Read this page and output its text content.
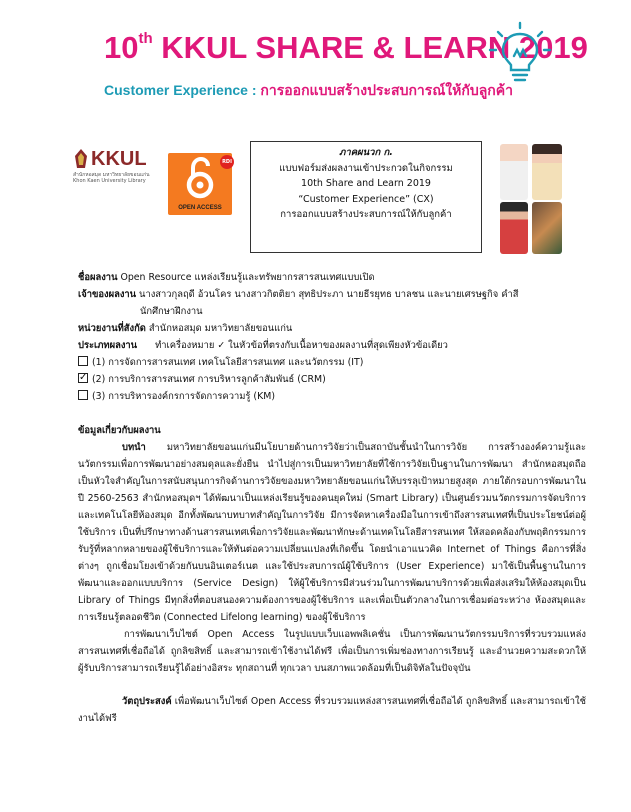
10th KKUL SHARE & LEARN 2019
Customer Experience : การออกแบบสร้างประสบการณ์ให้กับลูกค้า
KKUL
สำนักหอสมุด มหาวิทยาลัยขอนแก่น Khon Kaen University Library
RDI
OPEN ACCESS
ภาคผนวก ก.
แบบฟอร์มส่งผลงานเข้าประกวดในกิจกรรม
10th Share and Learn 2019
“Customer Experience” (CX)
การออกแบบสร้างประสบการณ์ให้กับลูกค้า
ชื่อผลงาน Open Resource แหล่งเรียนรู้และทรัพยากรสารสนเทศแบบเปิด
เจ้าของผลงาน นางสาวกุลฤดี อ้วนโคร นางสาวกิตติยา สุทธิประภา นายธีรยุทธ บาลชน และนายเศรษฐกิจ คำสี
นักศึกษาฝึกงาน
หน่วยงานที่สังกัด สำนักหอสมุด มหาวิทยาลัยขอนแก่น
ประเภทผลงาน ทำเครื่องหมาย ✓ ในหัวข้อที่ตรงกับเนื้อหาของผลงานที่สุดเพียงหัวข้อเดียว
(1) การจัดการสารสนเทศ เทคโนโลยีสารสนเทศ และนวัตกรรม (IT)
✓(2) การบริการสารสนเทศ การบริหารลูกค้าสัมพันธ์ (CRM)
(3) การบริหารองค์กรการจัดการความรู้ (KM)
ข้อมูลเกี่ยวกับผลงาน
บทนำ มหาวิทยาลัยขอนแก่นมีนโยบายด้านการวิจัยว่าเป็นสถาบันชั้นนำในการวิจัย การสร้างองค์ความรู้และนวัตกรรมเพื่อการพัฒนาอย่างสมดุลและยั่งยืน นำไปสู่การเป็นมหาวิทยาลัยที่ใช้การวิจัยเป็นฐานในการพัฒนา สำนักหอสมุดถือเป็นหัวใจสำคัญในการสนับสนุนการกิจด้านการวิจัยของมหาวิทยาลัยขอนแก่นให้บรรลุเป้าหมายสูงสุด ภายใต้กรอบการพัฒนาในปี 2560-2563 สำนักหอสมุดฯ ได้พัฒนาเป็นแหล่งเรียนรู้ของคนยุคใหม่ (Smart Library) เป็นศูนย์รวมนวัตกรรมการจัดบริการและเทคโนโลยีห้องสมุด อีกทั้งพัฒนาบทบาทสำคัญในการวิจัย มีการจัดหาเครื่องมือในการเข้าถึงสารสนเทศที่เป็นประโยชน์ต่อผู้ใช้บริการ เป็นที่ปรึกษาทางด้านสารสนเทศเพื่อการวิจัยและพัฒนาทักษะด้านเทคโนโลยีสารสนเทศ ให้สอดคล้องกับพฤติกรรมการรับรู้ที่หลากหลายของผู้ใช้บริการและให้ทันต่อความเปลี่ยนแปลงที่เกิดขึ้น โดยนำเอาแนวคิด Internet of Things คือการที่สิ่งต่างๆ ถูกเชื่อมโยงเข้าด้วยกันบนอินเตอร์เนต และใช้ประสบการณ์ผู้ใช้บริการ (User Experience) มาใช้เป็นพื้นฐานในการพัฒนาและออกแบบบริการ (Service Design) ให้ผู้ใช้บริการมีส่วนร่วมในการพัฒนาบริการด้วยเพื่อส่งเสริมให้ห้องสมุดเป็น Library of Things มีทุกสิ่งที่ตอบสนองความต้องการของผู้ใช้บริการ และเพื่อเป็นตัวกลางในการเชื่อมต่อระหว่าง ห้องสมุดและการเรียนรู้ตลอดชีวิต (Connected Lifelong learning) ของผู้ใช้บริการ
การพัฒนาเว็บไซต์ Open Access ในรูปแบบเว็บแอพพลิเคชั่น เป็นการพัฒนานวัตกรรมบริการที่รวบรวมแหล่งสารสนเทศที่เชื่อถือได้ ถูกลิขสิทธิ์ และสามารถเข้าใช้งานได้ฟรี เพื่อเป็นการเพิ่มช่องทางการเรียนรู้ และอำนวยความสะดวกให้ผู้รับบริการสามารถเรียนรู้ได้อย่างอิสระ ทุกสถานที่ ทุกเวลา บนสภาพแวดล้อมที่เป็นดิจิทัลในปัจจุบัน
วัตถุประสงค์ เพื่อพัฒนาเว็บไซต์ Open Access ที่รวบรวมแหล่งสารสนเทศที่เชื่อถือได้ ถูกลิขสิทธิ์ และสามารถเข้าใช้งานได้ฟรี
